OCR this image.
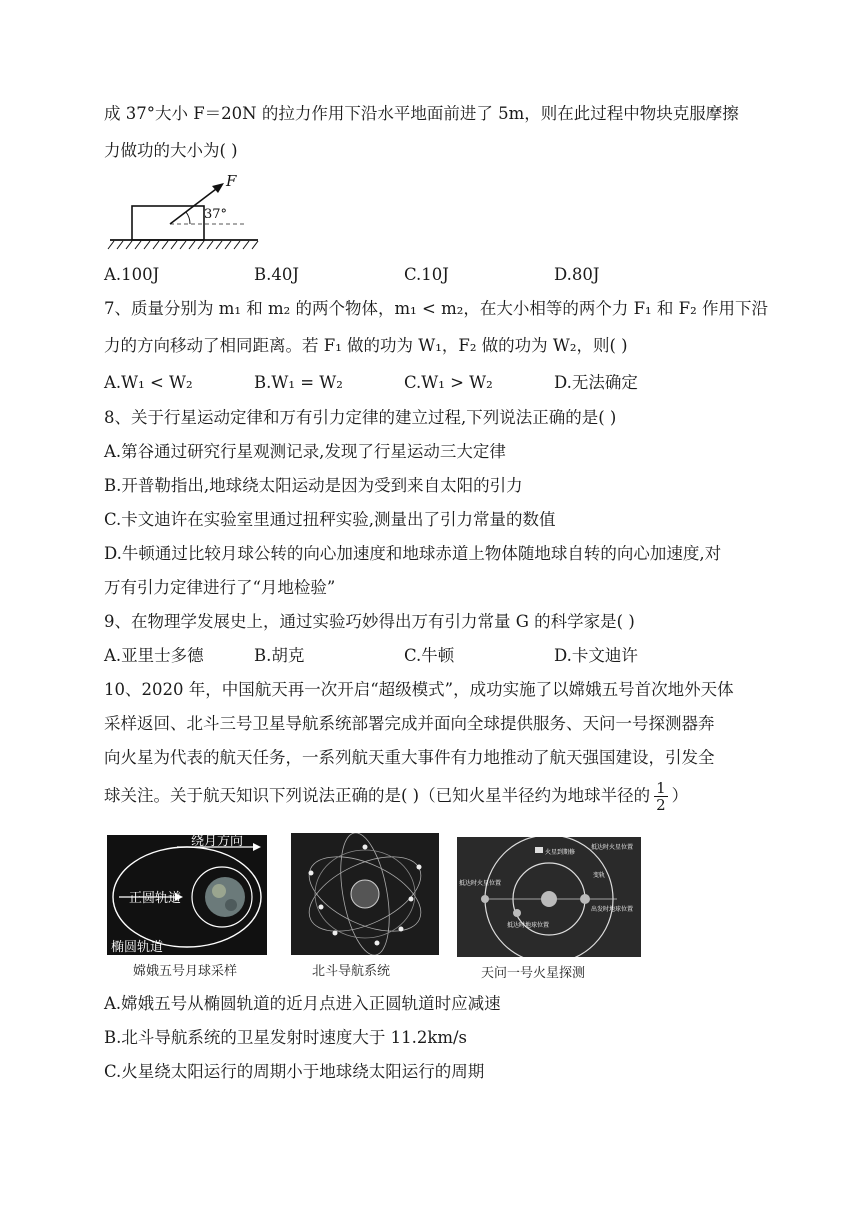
成 37°大小 F＝20N 的拉力作用下沿水平地面前进了 5m，则在此过程中物块克服摩擦
力做功的大小为( )
F
37°
A.100J	B.40J	C.10J	D.80J
7、质量分别为 m₁ 和 m₂ 的两个物体，m₁ < m₂，在大小相等的两个力 F₁ 和 F₂ 作用下沿
力的方向移动了相同距离。若 F₁ 做的功为 W₁，F₂ 做的功为 W₂，则( )
A.W₁ < W₂	B.W₁ = W₂	C.W₁ > W₂	D.无法确定
8、关于行星运动定律和万有引力定律的建立过程,下列说法正确的是( )
A.第谷通过研究行星观测记录,发现了行星运动三大定律
B.开普勒指出,地球绕太阳运动是因为受到来自太阳的引力
C.卡文迪许在实验室里通过扭秤实验,测量出了引力常量的数值
D.牛顿通过比较月球公转的向心加速度和地球赤道上物体随地球自转的向心加速度,对
万有引力定律进行了“月地检验”
9、在物理学发展史上，通过实验巧妙得出万有引力常量 G 的科学家是( )
A.亚里士多德	B.胡克	C.牛顿	D.卡文迪许
10、2020 年，中国航天再一次开启“超级模式”，成功实施了以嫦娥五号首次地外天体
采样返回、北斗三号卫星导航系统部署完成并面向全球提供服务、天问一号探测器奔
向火星为代表的航天任务，一系列航天重大事件有力地推动了航天强国建设，引发全
球关注。关于航天知识下列说法正确的是( )（已知火星半径约为地球半径的 $\frac{1}{2}$ ）
绕月方向
正圆轨道
椭圆轨道
嫦娥五号月球采样	北斗导航系统
火星到期修
抵达时火星位置
抵达时火星位置
抵达时地球位置
出发时地球位置
变轨
天问一号火星探测
A.嫦娥五号从椭圆轨道的近月点进入正圆轨道时应减速
B.北斗导航系统的卫星发射时速度大于 11.2km/s
C.火星绕太阳运行的周期小于地球绕太阳运行的周期
